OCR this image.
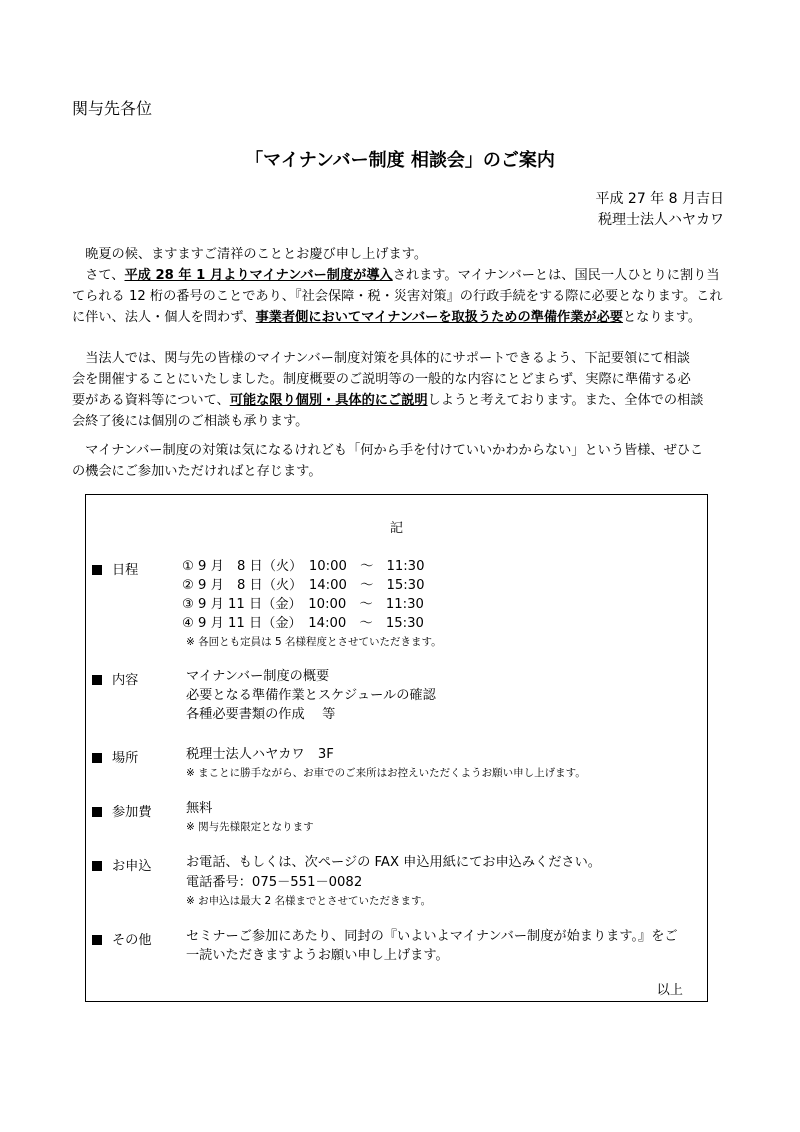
関与先各位
「マイナンバー制度 相談会」のご案内
平成 27 年 8 月吉日
税理士法人ハヤカワ

　晩夏の候、ますますご清祥のこととお慶び申し上げます。

　さて、平成 28 年 1 月よりマイナンバー制度が導入されます。マイナンバーとは、国民一人ひとりに割り当

てられる 12 桁の番号のことであり、『社会保障・税・災害対策』の行政手続をする際に必要となります。これ

に伴い、法人・個人を問わず、事業者側においてマイナンバーを取扱うための準備作業が必要となります。

　当法人では、関与先の皆様のマイナンバー制度対策を具体的にサポートできるよう、下記要領にて相談

会を開催することにいたしました。制度概要のご説明等の一般的な内容にとどまらず、実際に準備する必

要がある資料等について、可能な限り個別・具体的にご説明しようと考えております。また、全体での相談

会終了後には個別のご相談も承ります。

　マイナンバー制度の対策は気になるけれども「何から手を付けていいかわからない」という皆様、ぜひこ

の機会にご参加いただければと存じます。

記
日程	① 9 月　8 日（火）　10:00　～　11:30
② 9 月　8 日（火）　14:00　～　15:30
③ 9 月 11 日（金）　10:00　～　11:30
④ 9 月 11 日（金）　14:00　～　15:30
※ 各回とも定員は 5 名様程度とさせていただきます。
内容	マイナンバー制度の概要
必要となる準備作業とスケジュールの確認
各種必要書類の作成　 等
場所	税理士法人ハヤカワ　3F
※ まことに勝手ながら、お車でのご来所はお控えいただくようお願い申し上げます。
参加費	無料
※ 関与先様限定となります
お申込	お電話、もしくは、次ページの FAX 申込用紙にてお申込みください。
電話番号：075－551－0082
※ お申込は最大 2 名様までとさせていただきます。
その他	セミナーご参加にあたり、同封の『いよいよマイナンバー制度が始まります。』をご
一読いただきますようお願い申し上げます。
以上
